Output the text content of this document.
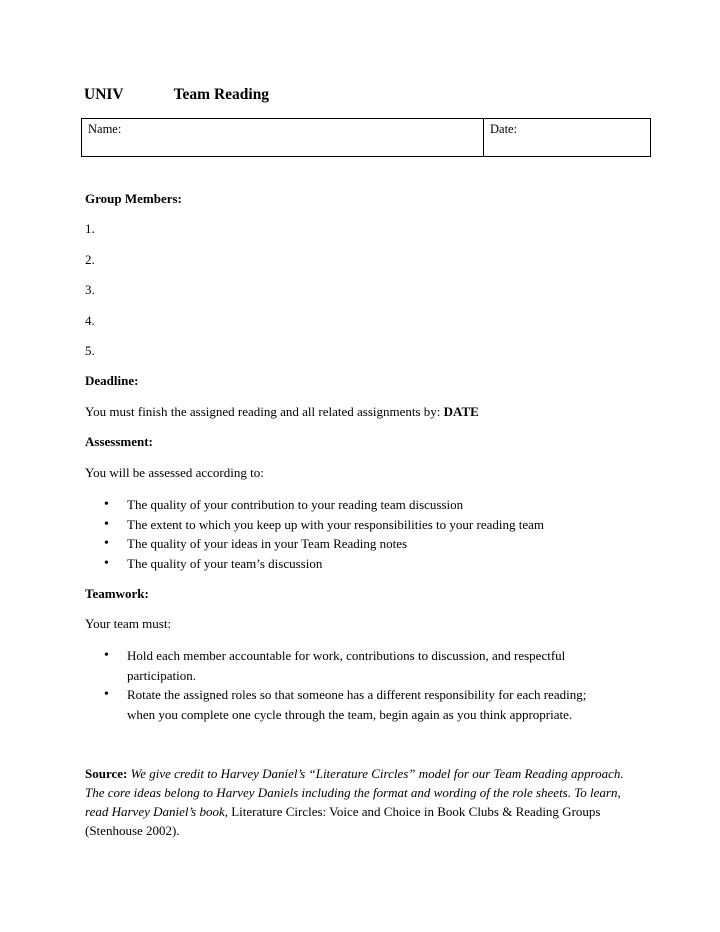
UNIV	Team Reading
Name:	Date:
Group Members:
1.
2.
3.
4.
5.
Deadline:
You must finish the assigned reading and all related assignments by: DATE
Assessment:
You will be assessed according to:
• The quality of your contribution to your reading team discussion
• The extent to which you keep up with your responsibilities to your reading team
• The quality of your ideas in your Team Reading notes
• The quality of your team’s discussion
Teamwork:
Your team must:
• Hold each member accountable for work, contributions to discussion, and respectful participation.
• Rotate the assigned roles so that someone has a different responsibility for each reading; when you complete one cycle through the team, begin again as you think appropriate.
Source: We give credit to Harvey Daniel’s “Literature Circles” model for our Team Reading approach. The core ideas belong to Harvey Daniels including the format and wording of the role sheets. To learn, read Harvey Daniel’s book, Literature Circles: Voice and Choice in Book Clubs & Reading Groups (Stenhouse 2002).
